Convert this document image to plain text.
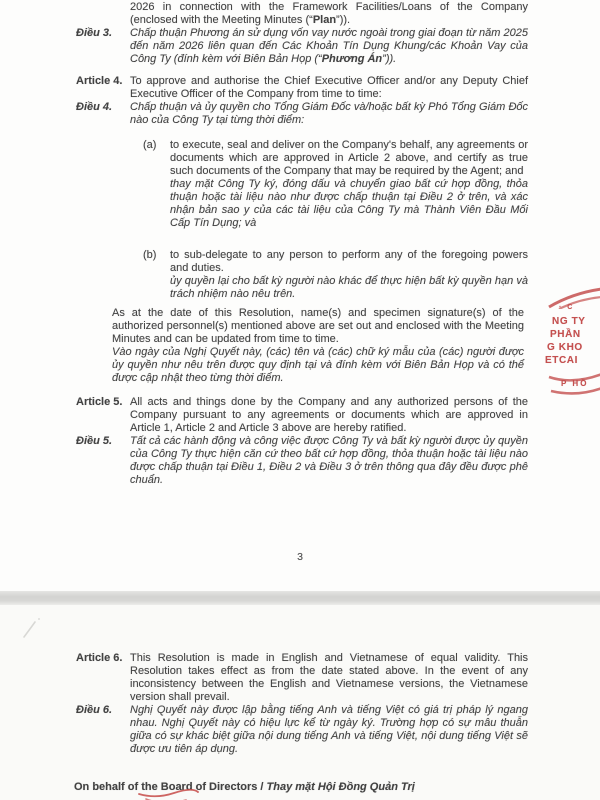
2026 in connection with the Framework Facilities/Loans of the Company (enclosed with the Meeting Minutes (“Plan”)).

Điều 3.	Chấp thuận Phương án sử dụng vốn vay nước ngoài trong giai đoạn từ năm 2025 đến năm 2026 liên quan đến Các Khoản Tín Dụng Khung/các Khoản Vay của Công Ty (đính kèm với Biên Bản Họp (“Phương Án”)).

Article 4. To approve and authorise the Chief Executive Officer and/or any Deputy Chief Executive Officer of the Company from time to time:

Điều 4.	Chấp thuận và ủy quyền cho Tổng Giám Đốc và/hoặc bất kỳ Phó Tổng Giám Đốc nào của Công Ty tại từng thời điểm:

(a)	to execute, seal and deliver on the Company's behalf, any agreements or documents which are approved in Article 2 above, and certify as true such documents of the Company that may be required by the Agent; and

thay mặt Công Ty ký, đóng dấu và chuyển giao bất cứ hợp đồng, thỏa thuận hoặc tài liệu nào như được chấp thuận tại Điều 2 ở trên, và xác nhận bản sao y của các tài liệu của Công Ty mà Thành Viên Đầu Mối Cấp Tín Dụng; và

(b)	to sub-delegate to any person to perform any of the foregoing powers and duties.

ủy quyền lại cho bất kỳ người nào khác để thực hiện bất kỳ quyền hạn và trách nhiệm nào nêu trên.

As at the date of this Resolution, name(s) and specimen signature(s) of the authorized personnel(s) mentioned above are set out and enclosed with the Meeting Minutes and can be updated from time to time.

Vào ngày của Nghị Quyết này, (các) tên và (các) chữ ký mẫu của (các) người được ủy quyền như nêu trên được quy định tại và đính kèm với Biên Bản Họp và có thể được cập nhật theo từng thời điểm.

Article 5. All acts and things done by the Company and any authorized persons of the Company pursuant to any agreements or documents which are approved in Article 1, Article 2 and Article 3 above are hereby ratified.

Điều 5.	Tất cả các hành động và công việc được Công Ty và bất kỳ người được ủy quyền của Công Ty thực hiện căn cứ theo bất cứ hợp đồng, thỏa thuận hoặc tài liệu nào được chấp thuận tại Điều 1, Điều 2 và Điều 3 ở trên thông qua đây đều được phê chuẩn.

3
· C
NG TY
PHẦN
G KHO
ETCAI
P HỒ
Article 6. This Resolution is made in English and Vietnamese of equal validity. This Resolution takes effect as from the date stated above. In the event of any inconsistency between the English and Vietnamese versions, the Vietnamese version shall prevail.

Điều 6.	Nghị Quyết này được lập bằng tiếng Anh và tiếng Việt có giá trị pháp lý ngang nhau. Nghị Quyết này có hiệu lực kể từ ngày ký. Trường hợp có sự mâu thuẫn giữa có sự khác biệt giữa nội dung tiếng Anh và tiếng Việt, nội dung tiếng Việt sẽ được ưu tiên áp dụng.

On behalf of the Board of Directors / Thay mặt Hội Đồng Quản Trị
